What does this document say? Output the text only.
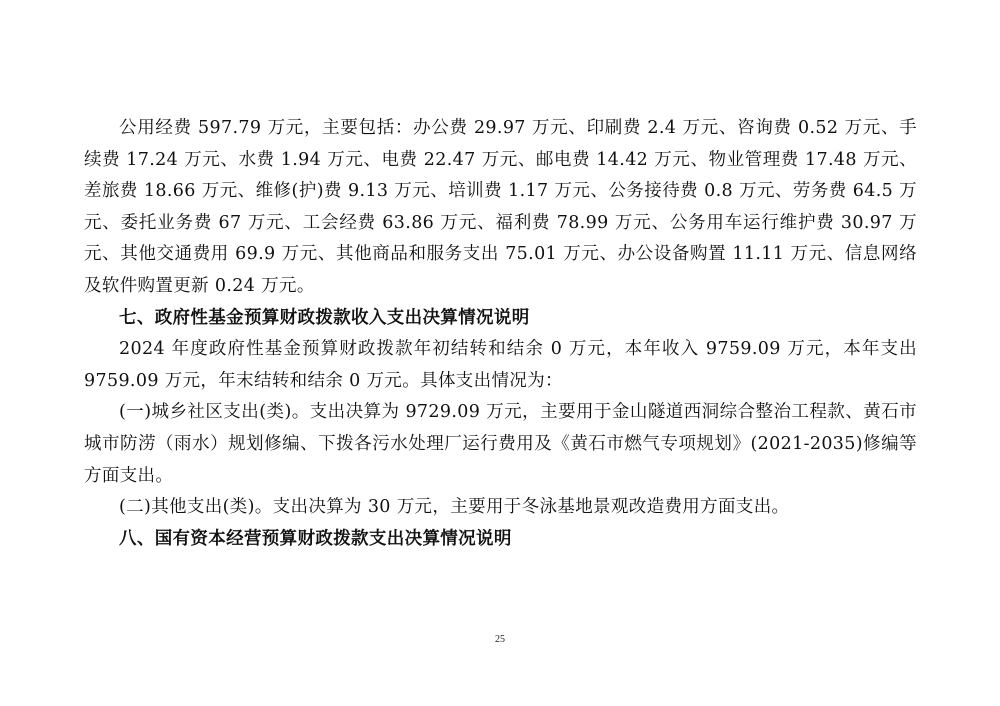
公用经费 597.79 万元，主要包括：办公费 29.97 万元、印刷费 2.4 万元、咨询费 0.52 万元、手续费 17.24 万元、水费 1.94 万元、电费 22.47 万元、邮电费 14.42 万元、物业管理费 17.48 万元、差旅费 18.66 万元、维修(护)费 9.13 万元、培训费 1.17 万元、公务接待费 0.8 万元、劳务费 64.5 万元、委托业务费 67 万元、工会经费 63.86 万元、福利费 78.99 万元、公务用车运行维护费 30.97 万元、其他交通费用 69.9 万元、其他商品和服务支出 75.01 万元、办公设备购置 11.11 万元、信息网络及软件购置更新 0.24 万元。

七、政府性基金预算财政拨款收入支出决算情况说明

2024 年度政府性基金预算财政拨款年初结转和结余 0 万元，本年收入 9759.09 万元，本年支出 9759.09 万元，年末结转和结余 0 万元。具体支出情况为：

(一)城乡社区支出(类)。支出决算为 9729.09 万元，主要用于金山隧道西洞综合整治工程款、黄石市城市防涝（雨水）规划修编、下拨各污水处理厂运行费用及《黄石市燃气专项规划》(2021-2035)修编等方面支出。

(二)其他支出(类)。支出决算为 30 万元，主要用于冬泳基地景观改造费用方面支出。

八、国有资本经营预算财政拨款支出决算情况说明

25
